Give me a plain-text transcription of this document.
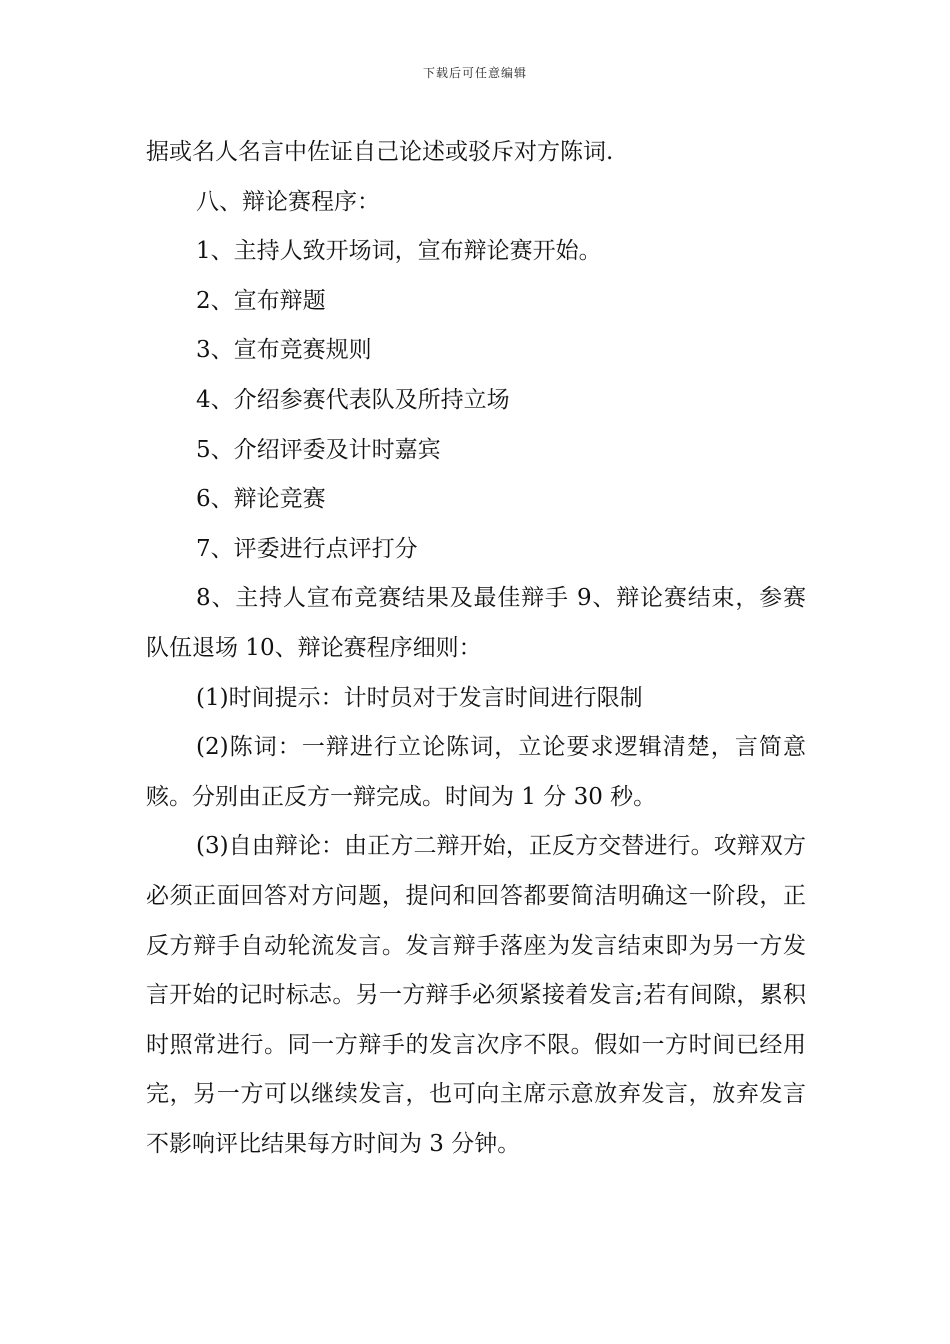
下载后可任意编辑

据或名人名言中佐证自己论述或驳斥对方陈词.

八、辩论赛程序：

1、主持人致开场词，宣布辩论赛开始。

2、宣布辩题

3、宣布竞赛规则

4、介绍参赛代表队及所持立场

5、介绍评委及计时嘉宾

6、辩论竞赛

7、评委进行点评打分

8、主持人宣布竞赛结果及最佳辩手 9、辩论赛结束，参赛队伍退场 10、辩论赛程序细则：

(1)时间提示：计时员对于发言时间进行限制

(2)陈词：一辩进行立论陈词，立论要求逻辑清楚，言简意赅。分别由正反方一辩完成。时间为 1 分 30 秒。

(3)自由辩论：由正方二辩开始，正反方交替进行。攻辩双方必须正面回答对方问题，提问和回答都要简洁明确这一阶段，正反方辩手自动轮流发言。发言辩手落座为发言结束即为另一方发言开始的记时标志。另一方辩手必须紧接着发言;若有间隙，累积时照常进行。同一方辩手的发言次序不限。假如一方时间已经用完，另一方可以继续发言，也可向主席示意放弃发言，放弃发言不影响评比结果每方时间为 3 分钟。
